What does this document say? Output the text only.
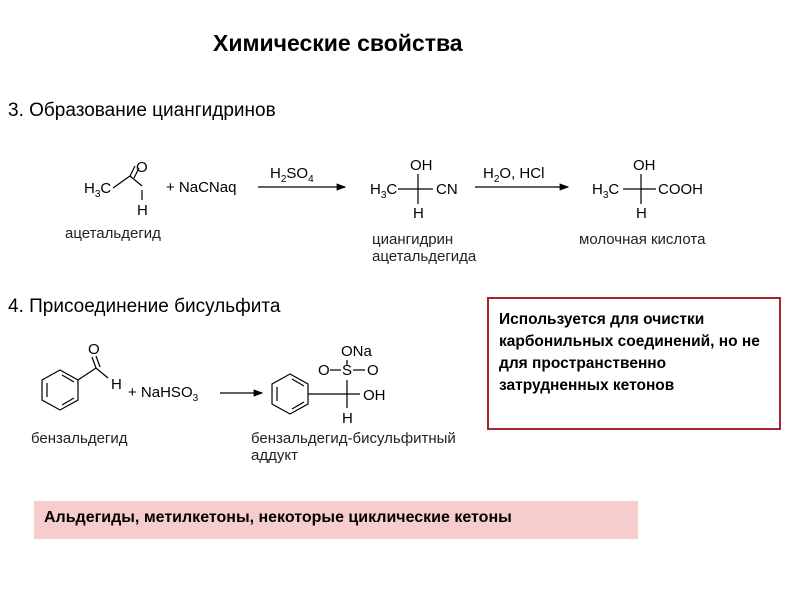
Химические свойства
3. Образование циангидринов
4. Присоединение бисульфита
$H_3C$
O
H
+ NaCNaq
ацетальдегид
$H_2SO_4$
$H_3C$
OH
H
CN
циангидрин
ацетальдегида
$H_2O$, HCl
$H_3C$
OH
H
COOH
молочная кислота
O
H + NaHSO$_3$
бензальдегид
ONa
O S O
OH
H
бензальдегид-бисульфитный
аддукт
Используется для очистки карбонильных соединений, но не для пространственно затрудненных кетонов
Альдегиды, метилкетоны, некоторые циклические кетоны
